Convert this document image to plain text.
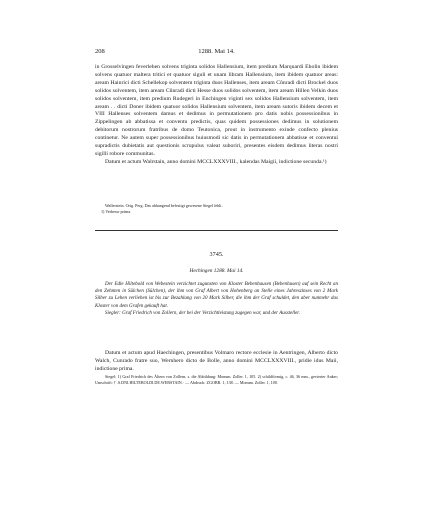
208	1288. Mai 14.

in Grosselvingen feverlehen solvens triginta solidos Hallensium, item predium Marquardi Eholin ibidem solvens quatuor maltera tritici et quatuor siguli et unam libram Hallensium, item ibidem quatuor areas: aream Hainrici dicti Schellekop solventem triginta duos Hallenses, item aream Cůnradi dicti Brockel duos solidos solventem, item aream Cůnradi dicti Hesse duos solidos solventem, item aream Hillen Velkin duos solidos solventem, item predium Rudegeri in Enchingen viginti sex solidos Hallensium solventem, item aream . . dicti Doner ibidem quatuor solidos Hallensium solventem, item aream sutoris ibidem decem et VIII Hallenses solventem damus et dedimus in permutationem pro datis nobis possessionibus in Zippelingen ab abbatissa et conventu predictis, quas quidem possessiones dedimus in solutionem debitorum nostrorum fratribus de domo Teutonica, prout in instrumento exinde confecto plenius continetur. Ne autem super possessionibus huiusmodi sic datis in permutationem abbatisse et conventui supradictis dubietatis aut questionis scrupulus valeat suboriri, presentes eisdem dedimus literas nostri sigilli robore communitas.

Datum et actum Walrstain, anno domini MCCLXXXVIII., kalendas Maigii, indictione secunda.¹)

Wallerstein. Orig. Perg. Das abhangend befestigt gewesene Siegel fehlt.

1) Verbessr prima.

3745.
Hechingen 1288. Mai 14.

Der Edle Hiltebold von Webestein verzichtet zugunsten von Kloster Bebenhausen (Bebenhusen) auf sein Recht an den Zehnten in Sülchen (Sülchen), der ihm von Graf Albert von Hohenberg an Stelle eines Jahreszinses von 2 Mark Silber zu Lehen verliehen ist bis zur Bezahlung von 20 Mark Silber, die ihm der Graf schuldet, den aber nunmehr das Kloster von dem Grafen gekauft hat.

Siegler: Graf Friedrich von Zollern, der bei der Verzichtleistung zugegen war, und der Aussteller.

Datum et actum apud Haechingen, presentibus Volmaro rectore ecclesie in Aentringen, Alberto dicto Walch, Cunrado fratre suo, Wernhero dicto de Bolle, anno domini MCCLXXXVIII., pridie idus Maii, indictione prima.

Siegel: 1) Graf Friedrich des Ältern von Zollern, s. die Abbildung: Monum. Zoller. 1, 105. 2) schildförmig, c. 46, 36 mm., gevierter Anker; Umschrift: † .S.DNI.HILTEBOLDI.DE.WEBSTAIN.· — Abdruck: ZGOBR. 1, 138. — Monum. Zoller. 1, 100.
